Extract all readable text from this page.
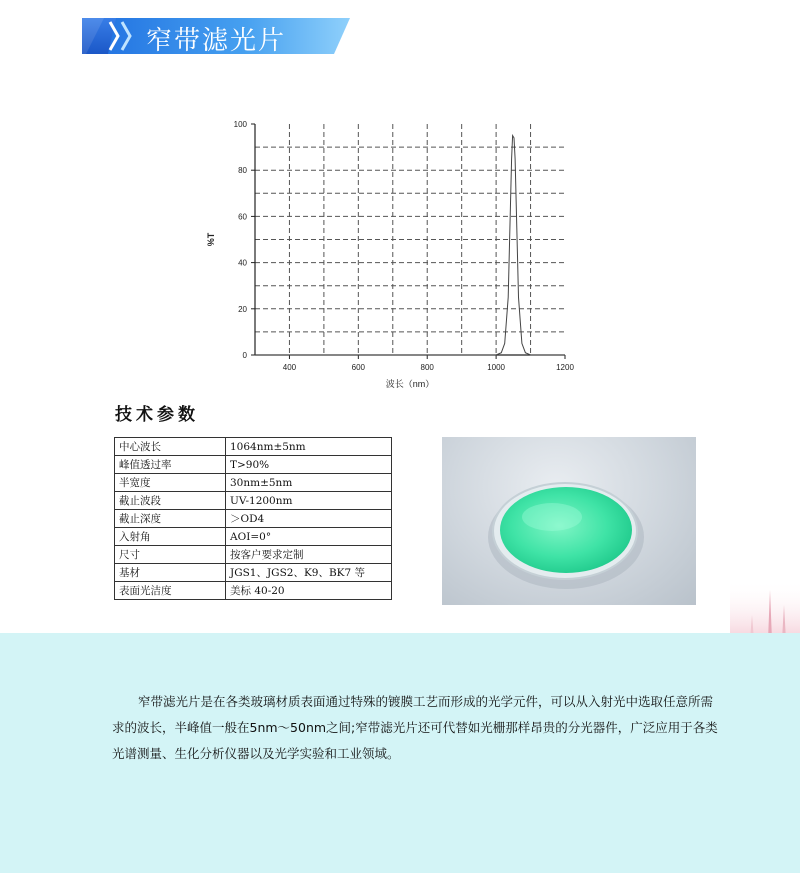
窄带滤光片
0
20
40
60
80
100
400	600	800	1000	1200
波长（nm）
%T
技术参数
中心波长	1064nm±5nm
峰值透过率	T>90%
半宽度	30nm±5nm
截止波段	UV-1200nm
截止深度	＞OD4
入射角	AOI=0°
尺寸	按客户要求定制
基材	JGS1、JGS2、K9、BK7 等
表面光洁度	美标 40-20
窄带滤光片是在各类玻璃材质表面通过特殊的镀膜工艺而形成的光学元件，可以从入射光中选取任意所需求的波长，半峰值一般在5nm～50nm之间;窄带滤光片还可代替如光栅那样昂贵的分光器件，广泛应用于各类光谱测量、生化分析仪器以及光学实验和工业领域。
